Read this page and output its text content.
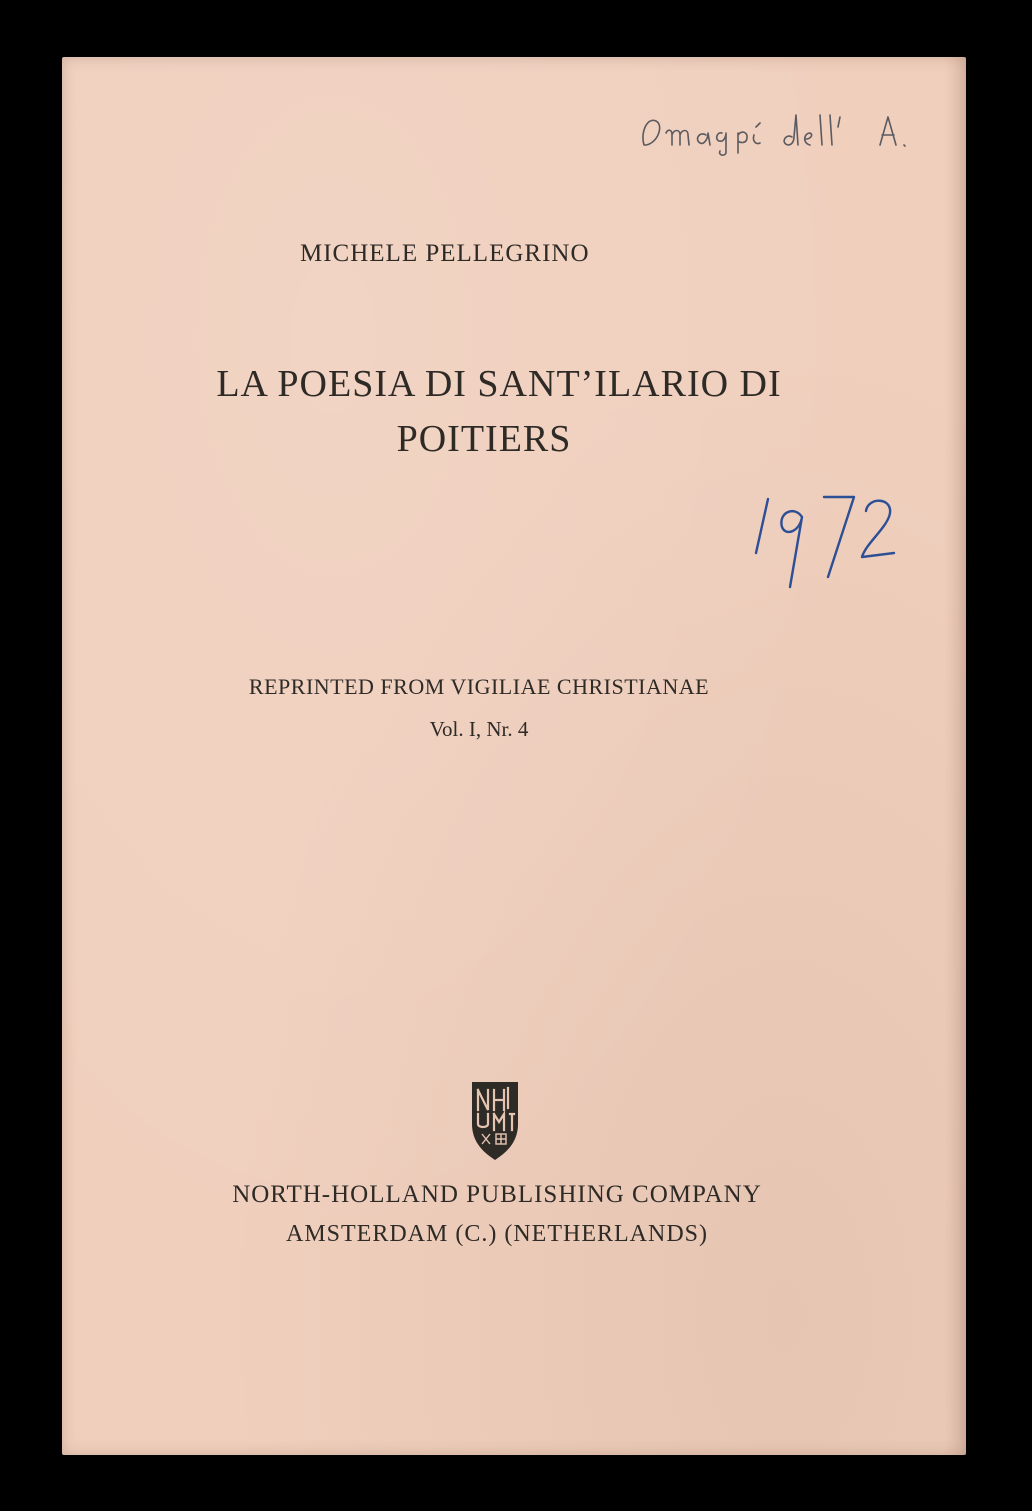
MICHELE PELLEGRINO

LA POESIA DI SANT’ILARIO DI

POITIERS

REPRINTED FROM VIGILIAE CHRISTIANAE

Vol. I, Nr. 4

NORTH-HOLLAND PUBLISHING COMPANY

AMSTERDAM (C.) (NETHERLANDS)
